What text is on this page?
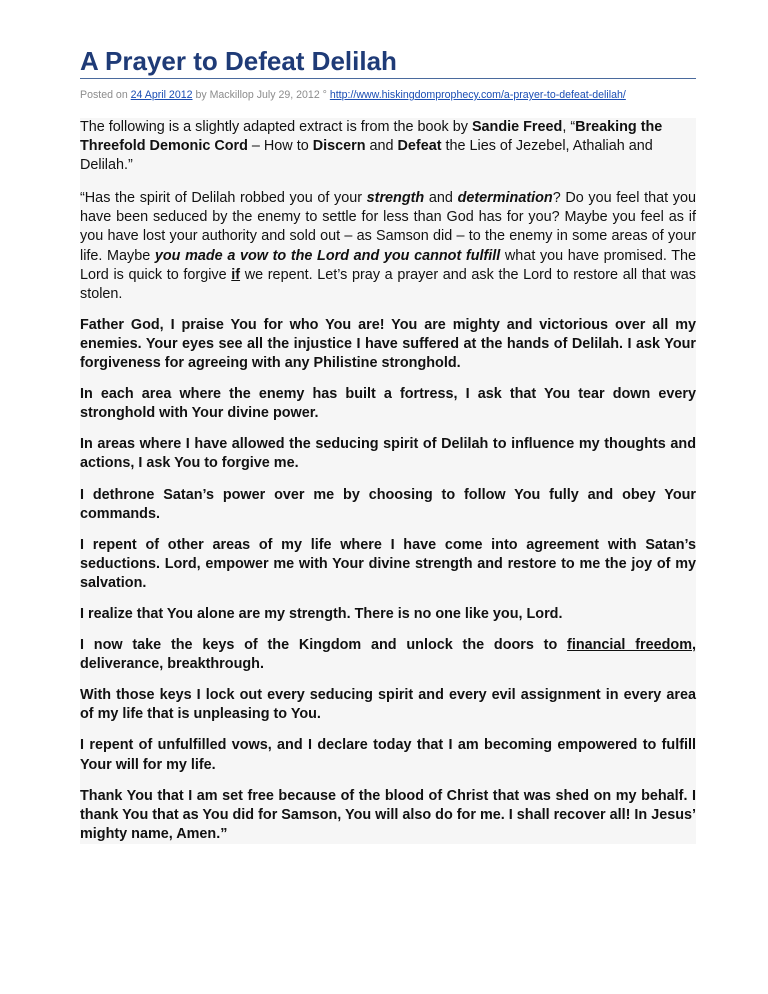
A Prayer to Defeat Delilah
Posted on 24 April 2012 by Mackillop July 29, 2012 ° http://www.hiskingdomprophecy.com/a-prayer-to-defeat-delilah/
The following is a slightly adapted extract is from the book by Sandie Freed, “Breaking the Threefold Demonic Cord – How to Discern and Defeat the Lies of Jezebel, Athaliah and Delilah.”
“Has the spirit of Delilah robbed you of your strength and determination? Do you feel that you have been seduced by the enemy to settle for less than God has for you? Maybe you feel as if you have lost your authority and sold out – as Samson did – to the enemy in some areas of your life. Maybe you made a vow to the Lord and you cannot fulfill what you have promised. The Lord is quick to forgive if we repent. Let’s pray a prayer and ask the Lord to restore all that was stolen.
Father God, I praise You for who You are! You are mighty and victorious over all my enemies. Your eyes see all the injustice I have suffered at the hands of Delilah. I ask Your forgiveness for agreeing with any Philistine stronghold.
In each area where the enemy has built a fortress, I ask that You tear down every stronghold with Your divine power.
In areas where I have allowed the seducing spirit of Delilah to influence my thoughts and actions, I ask You to forgive me.
I dethrone Satan’s power over me by choosing to follow You fully and obey Your commands.
I repent of other areas of my life where I have come into agreement with Satan’s seductions. Lord, empower me with Your divine strength and restore to me the joy of my salvation.
I realize that You alone are my strength. There is no one like you, Lord.
I now take the keys of the Kingdom and unlock the doors to financial freedom, deliverance, breakthrough.
With those keys I lock out every seducing spirit and every evil assignment in every area of my life that is unpleasing to You.
I repent of unfulfilled vows, and I declare today that I am becoming empowered to fulfill Your will for my life.
Thank You that I am set free because of the blood of Christ that was shed on my behalf. I thank You that as You did for Samson, You will also do for me. I shall recover all! In Jesus’ mighty name, Amen.”
